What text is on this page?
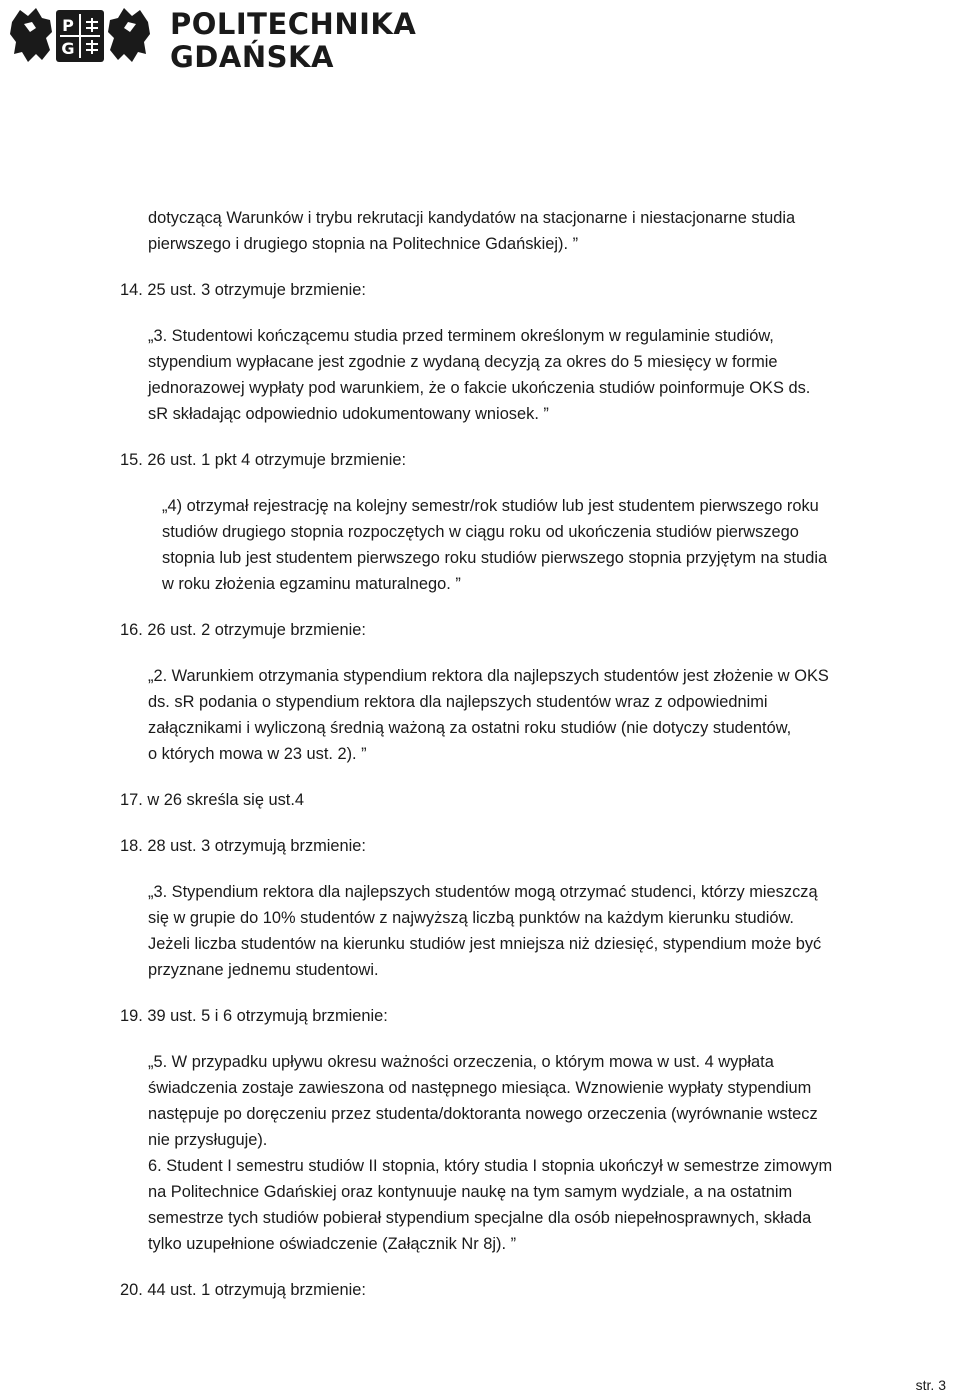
P
G
POLITECHNIKA
GDAŃSKA
dotyczącą Warunków i trybu rekrutacji kandydatów na stacjonarne i niestacjonarne studia
pierwszego i drugiego stopnia na Politechnice Gdańskiej). ”
14. 25 ust. 3 otrzymuje brzmienie:
„3. Studentowi kończącemu studia przed terminem określonym w regulaminie studiów,
stypendium wypłacane jest zgodnie z wydaną decyzją za okres do 5 miesięcy w formie
jednorazowej wypłaty pod warunkiem, że o fakcie ukończenia studiów poinformuje OKS ds.
sR składając odpowiednio udokumentowany wniosek. ”
15. 26 ust. 1 pkt 4 otrzymuje brzmienie:
„4) otrzymał rejestrację na kolejny semestr/rok studiów lub jest studentem pierwszego roku
studiów drugiego stopnia rozpoczętych w ciągu roku od ukończenia studiów pierwszego
stopnia lub jest studentem pierwszego roku studiów pierwszego stopnia przyjętym na studia
w roku złożenia egzaminu maturalnego. ”
16. 26 ust. 2 otrzymuje brzmienie:
„2. Warunkiem otrzymania stypendium rektora dla najlepszych studentów jest złożenie w OKS
ds. sR podania o stypendium rektora dla najlepszych studentów wraz z odpowiednimi
załącznikami i wyliczoną średnią ważoną za ostatni roku studiów (nie dotyczy studentów,
o których mowa w 23 ust. 2). ”
17. w 26 skreśla się ust.4
18. 28 ust. 3 otrzymują brzmienie:
„3. Stypendium rektora dla najlepszych studentów mogą otrzymać studenci, którzy mieszczą
się w grupie do 10% studentów z najwyższą liczbą punktów na każdym kierunku studiów.
Jeżeli liczba studentów na kierunku studiów jest mniejsza niż dziesięć, stypendium może być
przyznane jednemu studentowi.
19. 39 ust. 5 i 6 otrzymują brzmienie:
„5. W przypadku upływu okresu ważności orzeczenia, o którym mowa w ust. 4 wypłata
świadczenia zostaje zawieszona od następnego miesiąca. Wznowienie wypłaty stypendium
następuje po doręczeniu przez studenta/doktoranta nowego orzeczenia (wyrównanie wstecz
nie przysługuje).
6. Student I semestru studiów II stopnia, który studia I stopnia ukończył w semestrze zimowym
na Politechnice Gdańskiej oraz kontynuuje naukę na tym samym wydziale, a na ostatnim
semestrze tych studiów pobierał stypendium specjalne dla osób niepełnosprawnych, składa
tylko uzupełnione oświadczenie (Załącznik Nr 8j). ”
20. 44 ust. 1 otrzymują brzmienie:
str. 3
